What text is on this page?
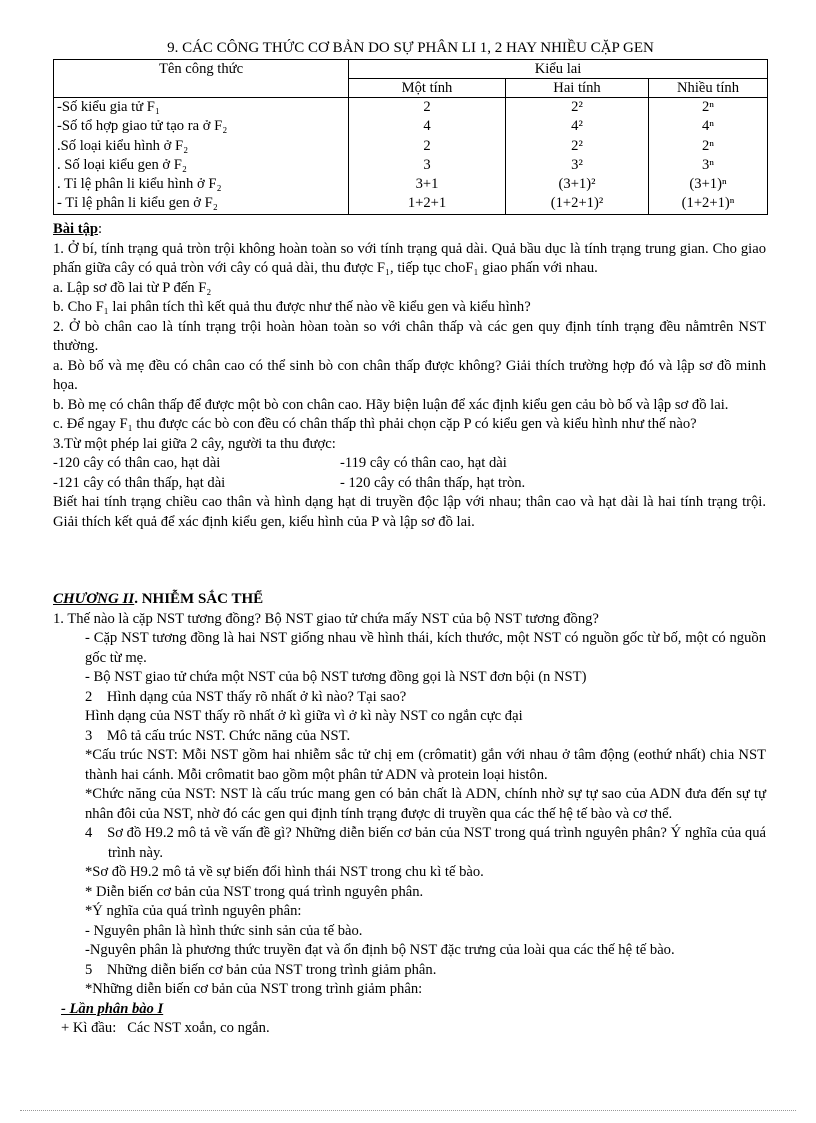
9. CÁC CÔNG THỨC CƠ BẢN DO SỰ PHÂN LI 1, 2 HAY NHIỀU CẶP GEN
Tên công thức	Kiểu lai		
	Một tính	Hai tính	Nhiều tính
-Số kiểu gia tử F₁	2	2²	2ⁿ
-Số tổ hợp giao tử tạo ra ở F₂	4	4²	4ⁿ
.Số loại kiểu hình ở F₂	2	2²	2ⁿ
. Số loại kiểu gen ở F₂	3	3²	3ⁿ
. Tỉ lệ phân li kiểu hình ở F₂	3+1	(3+1)²	(3+1)ⁿ
- Tỉ lệ phân li kiểu gen ở F₂	1+2+1	(1+2+1)²	(1+2+1)ⁿ

Bài tập:

1. Ở bí, tính trạng quả tròn trội không hoàn toàn so với tính trạng quả dài. Quả bầu dục là tính trạng trung gian. Cho giao phấn giữa cây có quả tròn với cây có quả dài, thu được F₁, tiếp tục choF₁ giao phấn với nhau.

a. Lập sơ đồ lai từ P đến F₂

b. Cho F₁ lai phân tích thì kết quả thu được như thế nào về kiểu gen và kiểu hình?

2. Ở bò chân cao là tính trạng trội hoàn hòan toàn so với chân thấp và các gen quy định tính trạng đều nằmtrên NST thường.

a. Bò bố và mẹ đều có chân cao có thể sinh bò con chân thấp được không? Giải thích trường hợp đó và lập sơ đồ minh họa.

b. Bò mẹ có chân thấp để được một bò con chân cao. Hãy biện luận để xác định kiểu gen cảu bò bố và lập sơ đồ lai.

c. Để ngay F₁ thu được các bò con đều có chân thấp thì phải chọn cặp P có kiểu gen và kiểu hình như thế nào?

3.Từ một phép lai giữa 2 cây, người ta thu được:

-120 cây có thân cao, hạt dài	-119 cây có thân cao, hạt dài

-121 cây có thân thấp, hạt dài	- 120 cây có thân thấp, hạt tròn.

Biết hai tính trạng chiều cao thân và hình dạng hạt di truyền độc lập với nhau; thân cao và hạt dài là hai tính trạng trội. Giải thích kết quả để xác định kiểu gen, kiểu hình của P và lập sơ đồ lai.

CHƯƠNG II. NHIỄM SẮC THỂ

1. Thế nào là cặp NST tương đồng? Bộ NST giao tử chứa mấy NST của bộ NST tương đồng?

- Cặp NST tương đồng là hai NST giống nhau về hình thái, kích thước, một NST có nguồn gốc từ bố, một có nguồn gốc từ mẹ.

- Bộ NST giao tử chứa một NST của bộ NST tương đồng gọi là NST đơn bội (n NST)

2    Hình dạng của NST thấy rõ nhất ở kì nào? Tại sao?

Hình dạng của NST thấy rõ nhất ở kì giữa vì ở kì này NST co ngắn cực đại

3    Mô tả cấu trúc NST. Chức năng của NST.

*Cấu trúc NST: Mỗi NST gồm hai nhiễm sắc tử chị em (crômatit) gắn với nhau ở tâm động (eothứ nhất) chia NST thành hai cánh. Mỗi crômatit bao gồm một phân tử ADN và protein loại histôn.

*Chức năng của NST: NST là cấu trúc mang gen có bản chất là ADN, chính nhờ sự tự sao của ADN đưa đến sự tự nhân đôi của NST, nhờ đó các gen qui định tính trạng được di truyền qua các thế hệ tế bào và cơ thể.

4    Sơ đồ H9.2 mô tả về vấn đề gì? Những diễn biến cơ bản của NST trong quá trình nguyên phân? Ý nghĩa của quá trình này.

*Sơ đồ H9.2 mô tả về sự biến đổi hình thái NST trong chu kì tế bào.

* Diễn biến cơ bản của NST trong quá trình nguyên phân.

*Ý nghĩa của quá trình nguyên phân:

- Nguyên phân là hình thức sinh sản của tế bào.

-Nguyên phân là phương thức truyền đạt và ổn định bộ NST đặc trưng của loài qua các thế hệ tế bào.

5    Những diễn biến cơ bản của NST trong trình giảm phân.

*Những diễn biến cơ bản của NST trong trình giảm phân:

- Lần phân bào I

+ Kì đầu:   Các NST xoắn, co ngắn.
